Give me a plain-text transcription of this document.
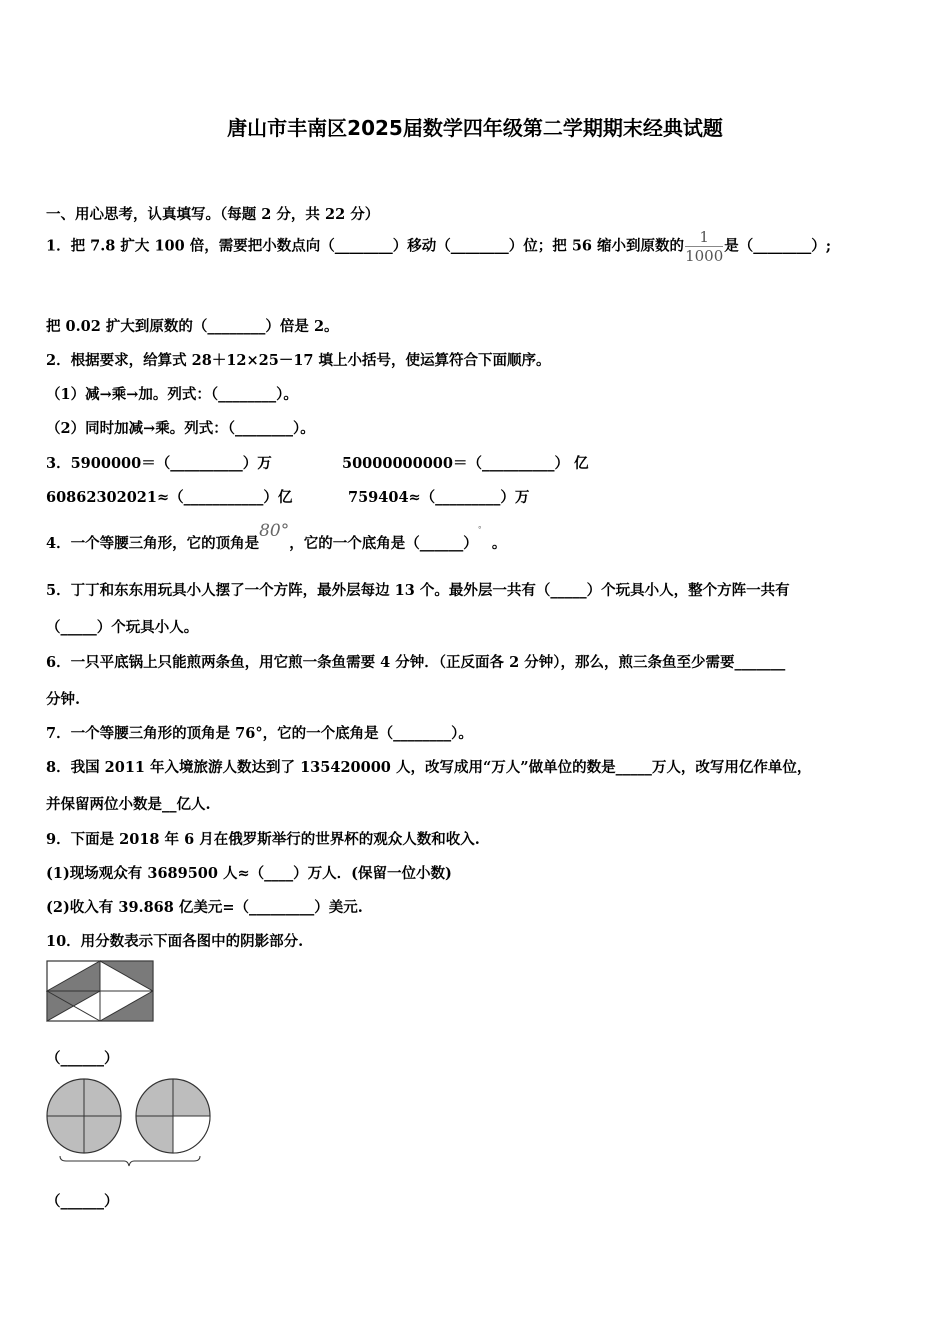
唐山市丰南区2025届数学四年级第二学期期末经典试题
一、用心思考，认真填写。（每题 2 分，共 22 分）
1．把 7.8 扩大 100 倍，需要把小数点向（________）移动（________）位；把 56 缩小到原数的 $\frac{1}{1000}$ 是（________）;
把 0.02 扩大到原数的（________）倍是 2。
2．根据要求，给算式 28＋12×25－17 填上小括号，使运算符合下面顺序。
（1）减→乘→加。列式：（________）。
（2）同时加减→乘。列式：（________）。
3．5900000＝（__________）万	50000000000＝（__________） 亿
60862302021≈（___________）亿	759404≈（_________）万
4．一个等腰三角形，它的顶角是80°，它的一个底角是（______）°  。
5．丁丁和东东用玩具小人摆了一个方阵，最外层每边 13 个。最外层一共有（_____）个玩具小人，整个方阵一共有
（_____）个玩具小人。
6．一只平底锅上只能煎两条鱼，用它煎一条鱼需要 4 分钟．（正反面各 2 分钟），那么，煎三条鱼至少需要_______
分钟.
7．一个等腰三角形的顶角是 76°，它的一个底角是（________）。
8．我国 2011 年入境旅游人数达到了 135420000 人，改写成用“万人”做单位的数是_____万人，改写用亿作单位，
并保留两位小数是__亿人.
9．下面是 2018 年 6 月在俄罗斯举行的世界杯的观众人数和收入.
(1)现场观众有 3689500 人≈（____）万人．(保留一位小数)
(2)收入有 39.868 亿美元=（_________）美元.
10．用分数表示下面各图中的阴影部分.
（______）
（______）
